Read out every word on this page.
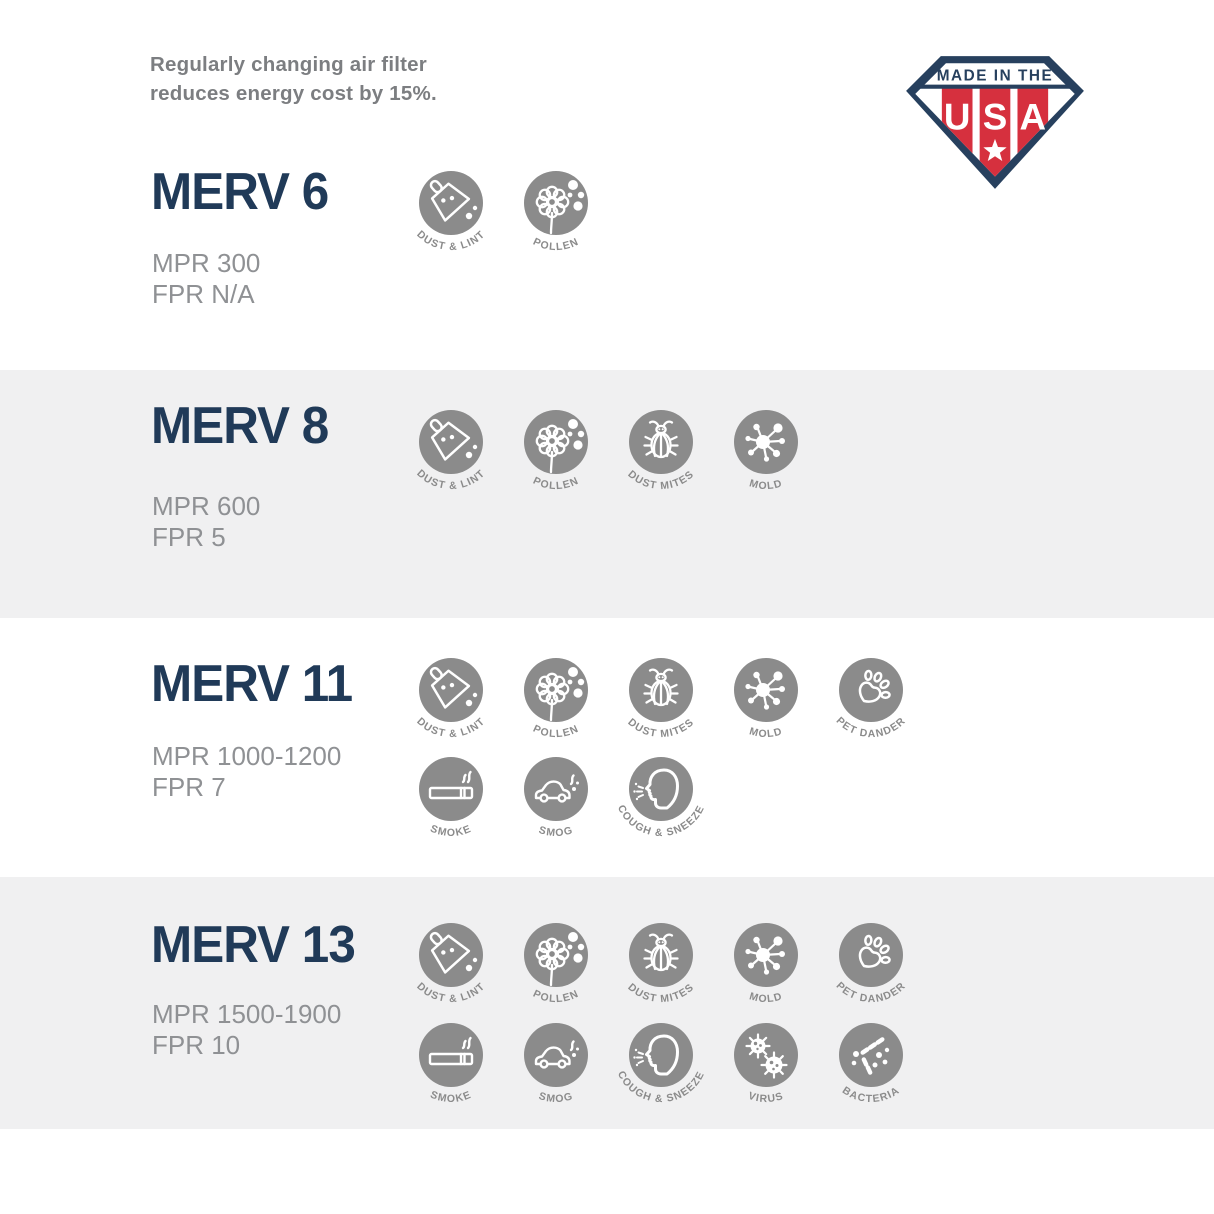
Regularly changing air filter
reduces energy cost by 15%.
MADE IN THE
U S A
MERV 6
MERV 8
MERV 11
MERV 13
MPR 300
FPR N/A
MPR 600
FPR 5
MPR 1000-1200
FPR 7
MPR 1500-1900
FPR 10
DUST & LINT
POLLEN
DUST & LINT
POLLEN	DUST MITES
MOLD
DUST & LINT
POLLEN	DUST MITES
MOLD
PET DANDER
SMOKE	SMOG
COUGH & SNEEZE
DUST & LINT
POLLEN	DUST MITES
MOLD
PET DANDER
SMOKE	SMOG
COUGH & SNEEZE
VIRUS	BACTERIA
